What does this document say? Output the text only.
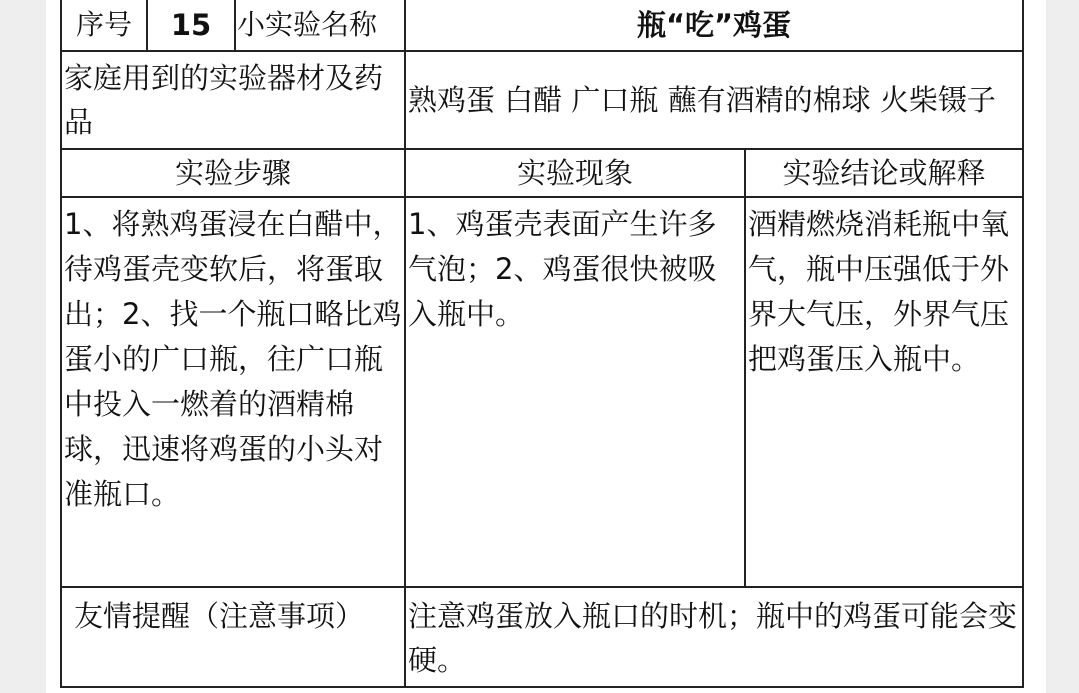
序号	15	小实验名称	瓶“吃”鸡蛋	
家庭用到的实验器材及药品			熟鸡蛋 白醋 广口瓶 蘸有酒精的棉球 火柴镊子	
实验步骤			实验现象	实验结论或解释
1、将熟鸡蛋浸在白醋中，待鸡蛋壳变软后，将蛋取出；2、找一个瓶口略比鸡蛋小的广口瓶，往广口瓶中投入一燃着的酒精棉球，迅速将鸡蛋的小头对准瓶口。			1、鸡蛋壳表面产生许多气泡；2、鸡蛋很快被吸入瓶中。	酒精燃烧消耗瓶中氧气，瓶中压强低于外界大气压，外界气压把鸡蛋压入瓶中。
友情提醒（注意事项）			注意鸡蛋放入瓶口的时机；瓶中的鸡蛋可能会变硬。	
